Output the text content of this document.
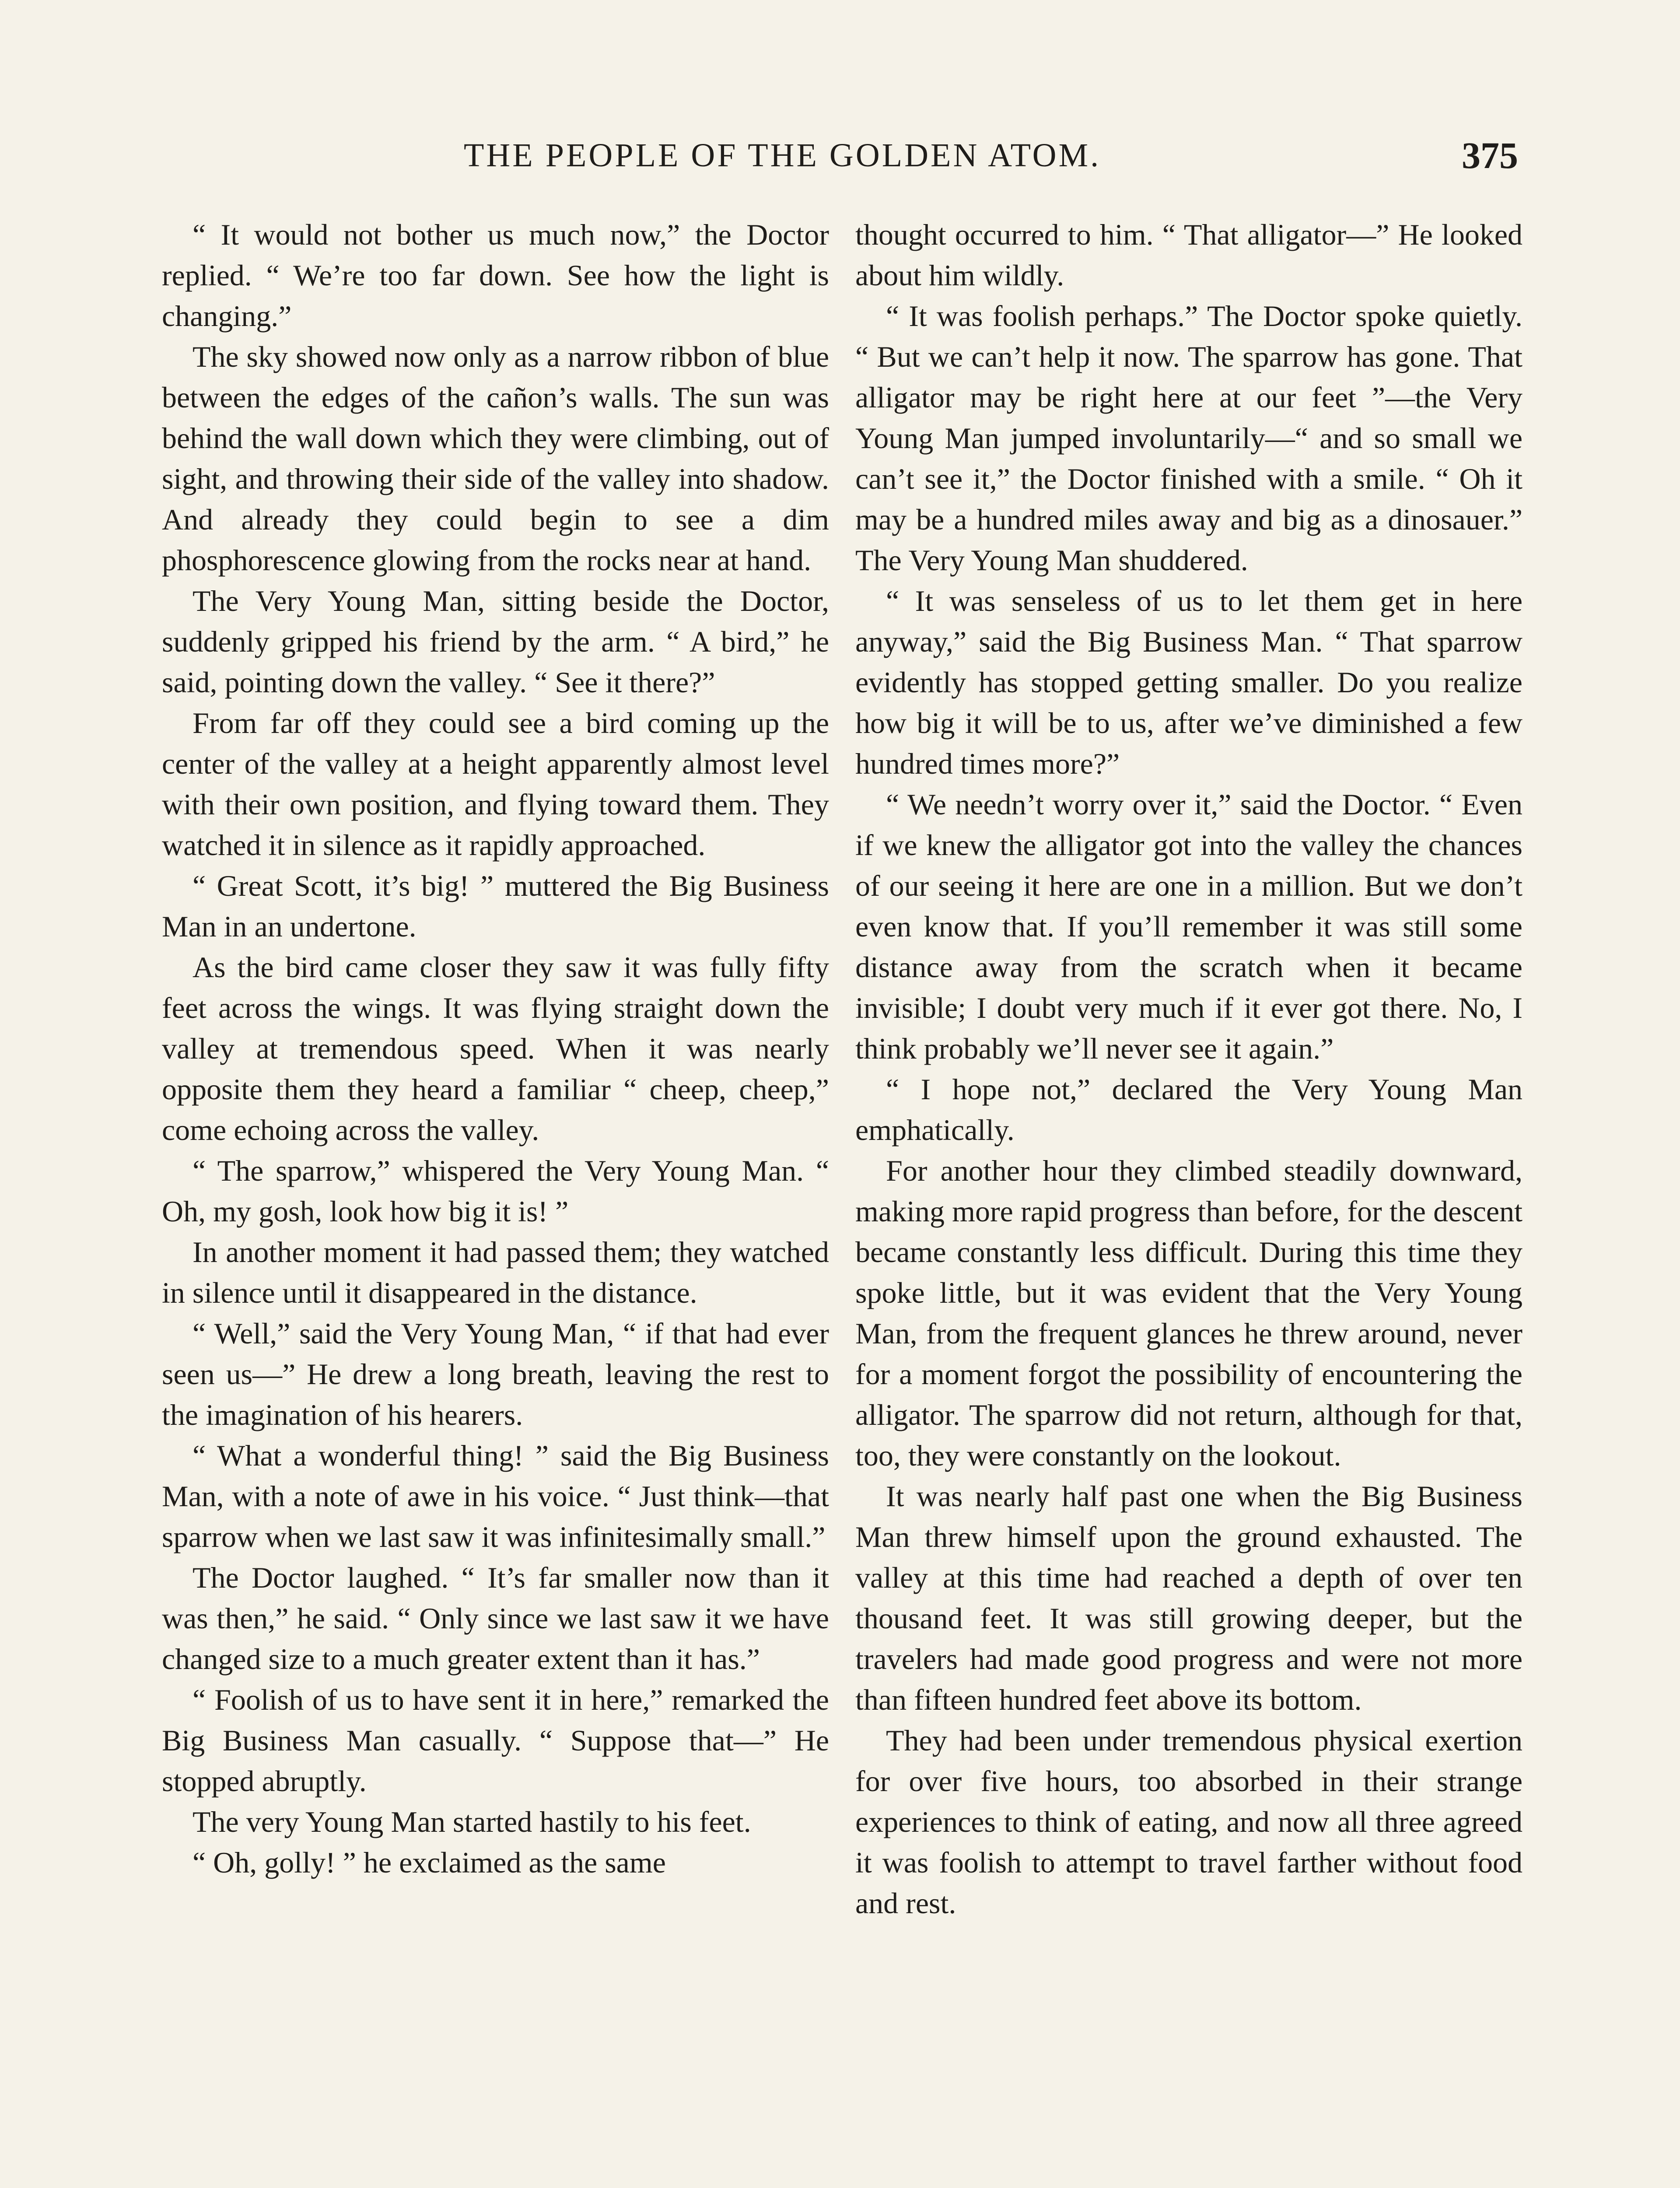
THE PEOPLE OF THE GOLDEN ATOM.	375

“ It would not bother us much now,” the Doctor replied. “ We’re too far down. See how the light is changing.”

The sky showed now only as a narrow ribbon of blue between the edges of the cañon’s walls. The sun was behind the wall down which they were climbing, out of sight, and throwing their side of the valley into shadow. And already they could begin to see a dim phosphorescence glowing from the rocks near at hand.

The Very Young Man, sitting beside the Doctor, suddenly gripped his friend by the arm. “ A bird,” he said, pointing down the valley. “ See it there?”

From far off they could see a bird coming up the center of the valley at a height apparently almost level with their own position, and flying toward them. They watched it in silence as it rapidly approached.

“ Great Scott, it’s big! ” muttered the Big Business Man in an undertone.

As the bird came closer they saw it was fully fifty feet across the wings. It was flying straight down the valley at tremendous speed. When it was nearly opposite them they heard a familiar “ cheep, cheep,” come echoing across the valley.

“ The sparrow,” whispered the Very Young Man. “ Oh, my gosh, look how big it is! ”

In another moment it had passed them; they watched in silence until it disappeared in the distance.

“ Well,” said the Very Young Man, “ if that had ever seen us—” He drew a long breath, leaving the rest to the imagination of his hearers.

“ What a wonderful thing! ” said the Big Business Man, with a note of awe in his voice. “ Just think—that sparrow when we last saw it was infinitesimally small.”

The Doctor laughed. “ It’s far smaller now than it was then,” he said. “ Only since we last saw it we have changed size to a much greater extent than it has.”

“ Foolish of us to have sent it in here,” remarked the Big Business Man casually. “ Suppose that—” He stopped abruptly.

The very Young Man started hastily to his feet.

“ Oh, golly! ” he exclaimed as the same

thought occurred to him. “ That alligator—” He looked about him wildly.

“ It was foolish perhaps.” The Doctor spoke quietly. “ But we can’t help it now. The sparrow has gone. That alligator may be right here at our feet ”—the Very Young Man jumped involuntarily—“ and so small we can’t see it,” the Doctor finished with a smile. “ Oh it may be a hundred miles away and big as a dinosauer.” The Very Young Man shuddered.

“ It was senseless of us to let them get in here anyway,” said the Big Business Man. “ That sparrow evidently has stopped getting smaller. Do you realize how big it will be to us, after we’ve diminished a few hundred times more?”

“ We needn’t worry over it,” said the Doctor. “ Even if we knew the alligator got into the valley the chances of our seeing it here are one in a million. But we don’t even know that. If you’ll remember it was still some distance away from the scratch when it became invisible; I doubt very much if it ever got there. No, I think probably we’ll never see it again.”

“ I hope not,” declared the Very Young Man emphatically.

For another hour they climbed steadily downward, making more rapid progress than before, for the descent became constantly less difficult. During this time they spoke little, but it was evident that the Very Young Man, from the frequent glances he threw around, never for a moment forgot the possibility of encountering the alligator. The sparrow did not return, although for that, too, they were constantly on the lookout.

It was nearly half past one when the Big Business Man threw himself upon the ground exhausted. The valley at this time had reached a depth of over ten thousand feet. It was still growing deeper, but the travelers had made good progress and were not more than fifteen hundred feet above its bottom.

They had been under tremendous physical exertion for over five hours, too absorbed in their strange experiences to think of eating, and now all three agreed it was foolish to attempt to travel farther without food and rest.
